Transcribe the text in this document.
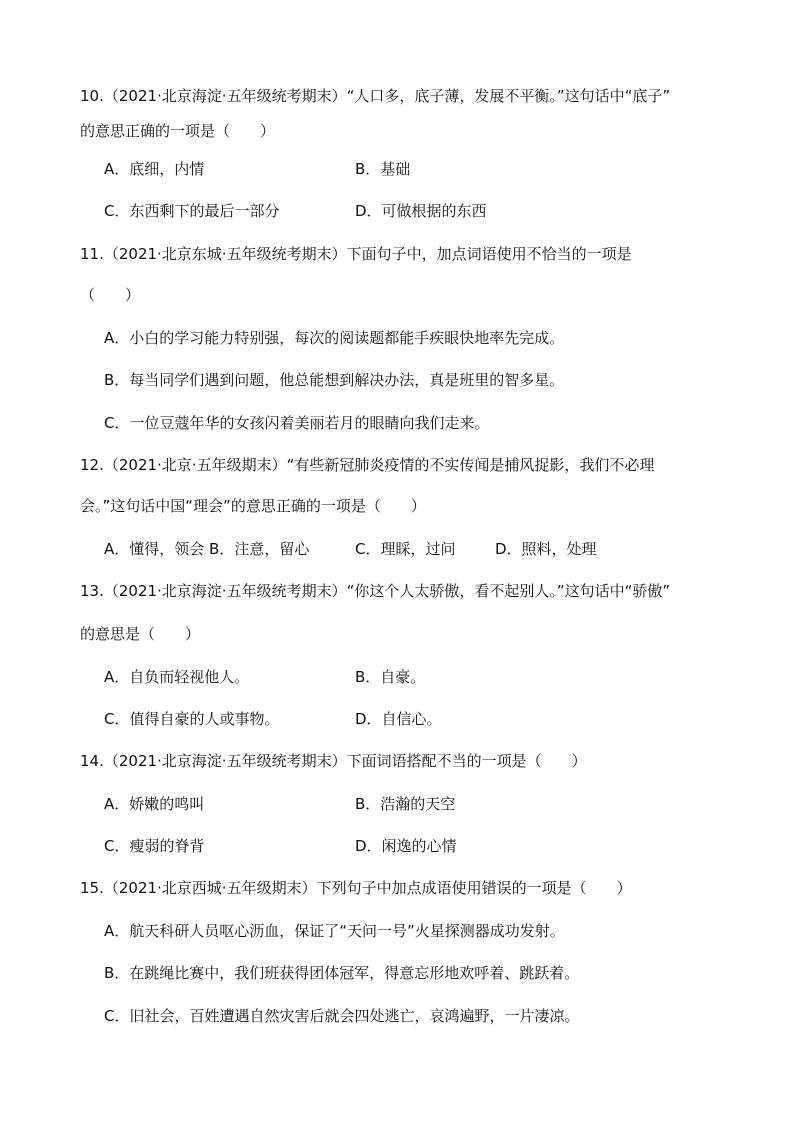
10.（2021·北京海淀·五年级统考期末）“人口多，底子薄，发展不平衡。”这句话中“底子”
的意思正确的一项是（　　）
A．底细，内情	B．基础
C．东西剩下的最后一部分	D．可做根据的东西
11.（2021·北京东城·五年级统考期末）下面句子中，加点词语使用不恰当的一项是
（　　）
A．小白的学习能力特别强，每次的阅读题都能手疾眼快地率先完成。
B．每当同学们遇到问题，他总能想到解决办法，真是班里的智多星。
C．一位豆蔻年华的女孩闪着美丽若月的眼睛向我们走来。
12.（2021·北京·五年级期末）“有些新冠肺炎疫情的不实传闻是捕风捉影，我们不必理
会。”这句话中国“理会”的意思正确的一项是（　　）
A．懂得，领会 B．注意，留心	C．理睬，过问	D．照料，处理
13.（2021·北京海淀·五年级统考期末）“你这个人太骄傲，看不起别人。”这句话中“骄傲”
的意思是（　　）
A．自负而轻视他人。	B．自豪。
C．值得自豪的人或事物。	D．自信心。
14.（2021·北京海淀·五年级统考期末）下面词语搭配不当的一项是（　　）
A．娇嫩的鸣叫	B．浩瀚的天空
C．瘦弱的脊背	D．闲逸的心情
15.（2021·北京西城·五年级期末）下列句子中加点成语使用错误的一项是（　　）
A．航天科研人员呕心沥血，保证了“天问一号”火星探测器成功发射。
B．在跳绳比赛中，我们班获得团体冠军，得意忘形地欢呼着、跳跃着。
C．旧社会，百姓遭遇自然灾害后就会四处逃亡，哀鸿遍野，一片凄凉。
